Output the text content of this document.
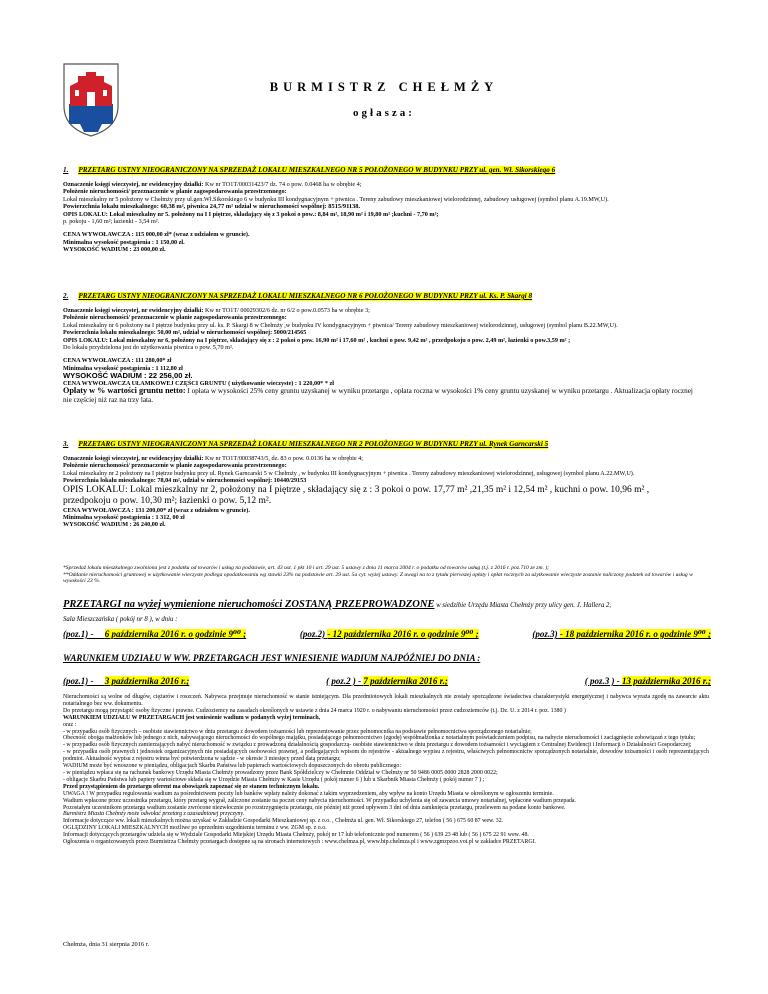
BURMISTRZ CHEŁMŻY
ogłasza:
1. PRZETARG USTNY NIEOGRANICZONY NA SPRZEDAŻ LOKALU MIESZKALNEGO NR 5 POŁOŻONEGO W BUDYNKU PRZY ul. gen. Wł. Sikorskiego 6
Oznaczenie księgi wieczystej, nr ewidencyjny działki: Kw nr TO1T/00031423/7 dz. 74 o pow. 0.0468 ha w obrębie 4;
Położenie nieruchomości/ przeznaczenie w planie zagospodarowania przestrzennego:
Lokal mieszkalny nr 5 położony w Chełmży przy ul.gen.Wł.Sikorskiego 6 w budynku III kondygnacyjnym + piwnica . Tereny zabudowy mieszkaniowej wielorodzinnej, zabudowy usługowej (symbol planu A.19.MW,U).
Powierzchnia lokalu mieszkalnego: 60,38 m², piwnica 24,77 m² udział w nieruchomości wspólnej: 8515/91138.
OPIS LOKALU: Lokal mieszkalny nr 5. położony na I I piętrze, składający się z 3 pokoi o pow.: 8,84 m², 18,90 m² i 19,80 m² ;kuchni - 7,70 m²;
p. pokoju - 1,60 m²; łazienki - 3,54 m².
CENA WYWOŁAWCZA : 115 000,00 zł* (wraz z udziałem w gruncie).
Minimalna wysokość postąpienia : 1 150,00 zł.
WYSOKOŚĆ WADIUM : 23 000,00 zł.
2. PRZETARG USTNY NIEOGRANICZONY NA SPRZEDAŻ LOKALU MIESZKALNEGO NR 6 POŁOŻONEGO W BUDYNKU PRZY ul. Ks. P. Skargi 8
Oznaczenie księgi wieczystej, nr ewidencyjny działki: Kw nr TO1T/ 00029302/6 dz. nr 6/2 o pow.0.0573 ha w obrębie 3;
Położenie nieruchomości/ przeznaczenie w planie zagospodarowania przestrzennego:
Lokal mieszkalny nr 6 położony na I piętrze budynku przy ul. ks. P. Skargi 8 w Chełmży ,w budynku IV kondygnacyjnym + piwnica/ Tereny zabudowy mieszkaniowej wielorodzinnej, usługowej (symbol planu B.22.MW,U).
Powierzchnia lokalu mieszkalnego: 50,00 m², udział w nieruchomości wspólnej: 5000/214565
OPIS LOKALU: Lokal mieszkalny nr 6, położony na I piętrze, składający się z : 2 pokoi o pow. 16,90 m² i 17,60 m² , kuchni o pow. 9,42 m² , przedpokoju o pow. 2,49 m², łazienki o pow.3,59 m² ;
Do lokalu przydzielona jest do użytkowania piwnica o pow. 5,70 m².
CENA WYWOŁAWCZA : 111 280,00* zł
Minimalna wysokość postąpienia : 1 112,80 zł
WYSOKOŚĆ WADIUM : 22 256,00 zł.
CENA WYWOŁAWCZA UŁAMKOWEJ CZĘŚCI GRUNTU ( użytkowanie wieczyste) : 1 220,00* * zł
Opłaty w % wartości gruntu netto: I opłata w wysokości 25% ceny gruntu uzyskanej w wyniku przetargu , opłata roczna w wysokości 1% ceny gruntu uzyskanej w wyniku przetargu . Aktualizacja opłaty rocznej nie częściej niż raz na trzy lata.
3. PRZETARG USTNY NIEOGRANICZONY NA SPRZEDAŻ LOKALU MIESZKALNEGO NR 2 POŁOŻONEGO W BUDYNKU PRZY ul. Rynek Garncarski 5
Oznaczenie księgi wieczystej, nr ewidencyjny działki: Kw nr TO1T/00038743/5, dz. 83 o pow. 0.0136 ha w obrębie 4;
Położenie nieruchomości/ przeznaczenie w planie zagospodarowania przestrzennego:
Lokal mieszkalny nr 2 położony na I piętrze budynku przy ul. Rynek Garncarski 5 w Chełmży , w budynku III kondygnacyjnym + piwnica . Tereny zabudowy mieszkaniowej wielorodzinnej, usługowej (symbol planu A.22.MW,U).
Powierzchnia lokalu mieszkalnego: 78,04 m², udział w nieruchomości wspólnej: 10440/29153
OPIS LOKALU: Lokal mieszkalny nr 2, położony na I piętrze , składający się z : 3 pokoi o pow. 17,77 m² ,21,35 m² i 12,54 m² , kuchni o pow. 10,96 m² ,
przedpokoju o pow. 10,30 m²; łazienki o pow. 5,12 m².
CENA WYWOŁAWCZA : 131 200,00* zł (wraz z udziałem w gruncie).
Minimalna wysokość postąpienia : 1 312, 00 zł
WYSOKOŚĆ WADIUM : 26 240,00 zł.
*Sprzedaż lokalu mieszkalnego zwolniona jest z podatku od towarów i usług na podstawie, art. 43 ust. 1 pkt 10 i art. 29 ust. 5 ustawy z dnia 11 marca 2004 r. o podatku od towarów usług (t.j. z 2016 r. poz.710 ze zm. );
**Oddanie nieruchomości gruntowej w użytkowanie wieczyste podlega opodatkowaniu wg stawki 23% na podstawie art. 29 ust. 5a cyt. wyżej ustawy. Z uwagi na to z tytułu pierwszej opłaty i opłat rocznych za użytkowanie wieczyste zostanie naliczony podatek od towarów i usług w wysokości 23 %.
PRZETARGI na wyżej wymienione nieruchomości ZOSTANĄ PRZEPROWADZONE w siedzibie Urzędu Miasta Chełmży przy ulicy gen. J. Hallera 2,
Sala Mieszczańska ( pokój nr 8 ), w dniu :
(poz.1) - 6 października 2016 r. o godzinie 9⁰⁰ ;	(poz.2) - 12 października 2016 r. o godzinie 9⁰⁰ ;	(poz.3) - 18 października 2016 r. o godzinie 9⁰⁰ ;
WARUNKIEM UDZIAŁU W WW. PRZETARGACH JEST WNIESIENIE WADIUM NAJPÓŹNIEJ DO DNIA :
(poz.1) - 3 października 2016 r.;	( poz.2 ) - 7 października 2016 r.;	( poz.3 ) - 13 października 2016 r.;

Nieruchomości są wolne od długów, ciężarów i roszczeń. Nabywca przejmuje nieruchomość w stanie istniejącym. Dla przedmiotowych lokali mieszkalnych nie zostały sporządzone świadectwa charakterystyki energetycznej i nabywca wyraża zgodę na zawarcie aktu notarialnego bez ww. dokumentu.

Do przetargu mogą przystąpić osoby fizyczne i prawne. Cudzoziemcy na zasadach określonych w ustawie z dnia 24 marca 1920 r. o nabywaniu nieruchomości przez cudzoziemców (t.j. Dz. U. z 2014 r. poz. 1380 )

WARUNKIEM UDZIAŁU W PRZETARGACH jest wniesienie wadium w podanych wyżej terminach,

oraz :

- w przypadku osób fizycznych – osobiste stawiennictwo w dniu przetargu z dowodem tożsamości lub reprezentowanie przez pełnomocnika na podstawie pełnomocnictwa sporządzonego notarialnie;

Obecność obojga małżonków lub jednego z nich, nabywającego nieruchomości do wspólnego majątku, posiadającego pełnomocnictwo (zgodę) współmałżonka z notarialnym poświadczeniem podpisu, na nabycie nieruchomości i zaciągnięcie zobowiązań z tego tytułu;

- w przypadku osób fizycznych zamierzających nabyć nieruchomość w związku z prowadzoną działalnością gospodarczą- osobiste stawiennictwo w dniu przetargu z dowodem tożsamości i wyciągiem z Centralnej Ewidencji i Informacji o Działalności Gospodarczej;

- w przypadku osób prawnych i jednostek organizacyjnych nie posiadających osobowości prawnej, a podlegających wpisom do rejestrów - aktualnego wypisu z rejestru, właściwych pełnomocnictw sporządzonych notarialnie, dowodów tożsamości i osób reprezentujących podmiot. Aktualność wypisu z rejestru winna być potwierdzona w sądzie - w okresie 3 miesięcy przed datą przetargu;

WADIUM może być wnoszone w pieniądzu, obligacjach Skarbu Państwa lub papierach wartościowych dopuszczonych do obrotu publicznego:

- w pieniądzu wpłaca się na rachunek bankowy Urzędu Miasta Chełmży prowadzony przez Bank Spółdzielczy w Chełmnie Oddział w Chełmży nr 50 9486 0005 0000 2828 2000 0022;

- obligacje Skarbu Państwa lub papiery wartościowe składa się w Urzędzie Miasta Chełmży w Kasie Urzędu ( pokój numer 6 ) lub u Skarbnik Miasta Chełmży ( pokój numer 7 ) ;

Przed przystąpieniem do przetargu oferent ma obowiązek zapoznać się ze stanem technicznym lokalu.

UWAGA ! W przypadku regulowania wadium za pośrednictwem poczty lub banków wpłaty należy dokonać z takim wyprzedzeniem, aby wpływ na konto Urzędu Miasta w określonym w ogłoszeniu terminie.

Wadium wpłacone przez uczestnika przetargu, który przetarg wygrał, zaliczone zostanie na poczet ceny nabycia nieruchomości. W przypadku uchylenia się od zawarcia umowy notarialnej, wpłacone wadium przepada.

Pozostałym uczestnikom przetargu wadium zostanie zwrócone niezwłocznie po rozstrzygnięciu przetargu, nie później niż przed upływem 3 dni od dnia zamknięcia przetargu, przelewem na podane konto bankowe.

Burmistrz Miasta Chełmży może odwołać przetarg z uzasadnionej przyczyny.

Informacje dotyczące ww. lokali mieszkalnych można uzyskać w Zakładzie Gospodarki Mieszkaniowej sp. z o.o. , Chełmża ul. gen. Wł. Sikorskiego 27, telefon ( 56 ) 675 60 87 wew. 32.

OGLĘDZINY LOKALI MIESZKALNYCH możliwe po uprzednim uzgodnieniu terminu z ww. ZGM sp. z o.o.

Informacji dotyczących przetargów udziela się w Wydziale Gospodarki Miejskiej Urzędu Miasta Chełmży, pokój nr 17 lub telefonicznie pod numerem ( 56 ) 639 23 48 lub ( 56 ) 675 22 91 wew. 48.

Ogłoszenia o organizowanych przez Burmistrza Chełmży przetargach dostępne są na stronach internetowych : www.chelmza.pl, www.bip.chelmza.pl i www.zgmzpzoo.vot.pl w zakładce PRZETARGI.

Chełmża, dnia 31 sierpnia 2016 r.
